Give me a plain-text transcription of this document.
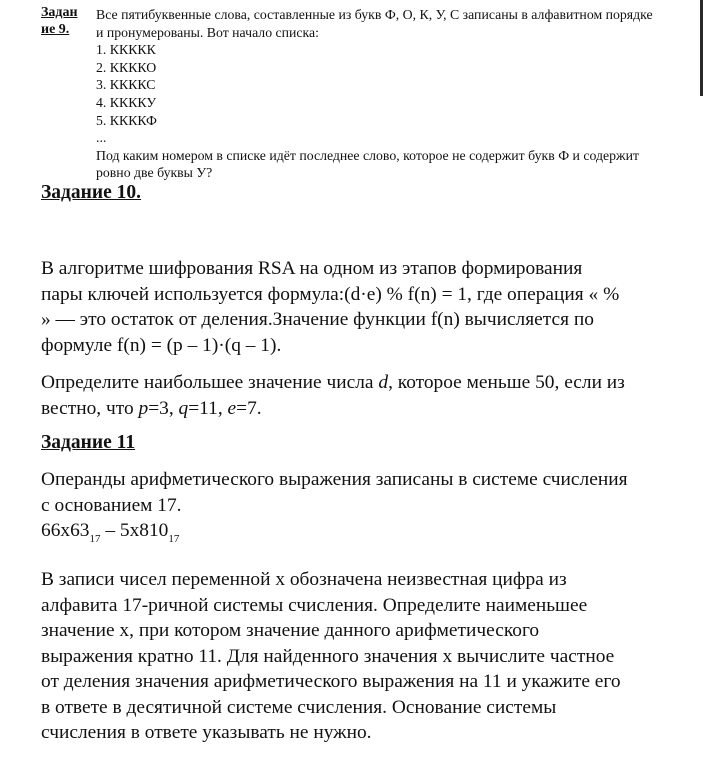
Задан
ие 9.

Все пятибуквенные слова, составленные из букв Ф, О, К, У, С записаны в алфавитном порядке

и пронумерованы. Вот начало списка:

1. ККККК
2. ККККО
3. ККККС
4. ККККУ
5. ККККФ

...

Под каким номером в списке идёт последнее слово, которое не содержит букв Ф и содержит

ровно две буквы У?

Задание 10.

В алгоритме шифрования RSA на одном из этапов формирования

пары ключей используется формула:(d·e) % f(n) = 1, где операция « %

» — это остаток от деления.Значение функции f(n) вычисляется по

формуле f(n) = (p – 1)·(q – 1).

Определите наибольшее значение числа d, которое меньше 50, если из

вестно, что p=3, q=11, e=7.

Задание 11

Операнды арифметического выражения записаны в системе счисления

с основанием 17.

$66x63_{17} - 5x810_{17}$

В записи чисел переменной x обозначена неизвестная цифра из

алфавита 17-ричной системы счисления. Определите наименьшее

значение x, при котором значение данного арифметического

выражения кратно 11. Для найденного значения x вычислите частное

от деления значения арифметического выражения на 11 и укажите его

в ответе в десятичной системе счисления. Основание системы

счисления в ответе указывать не нужно.
